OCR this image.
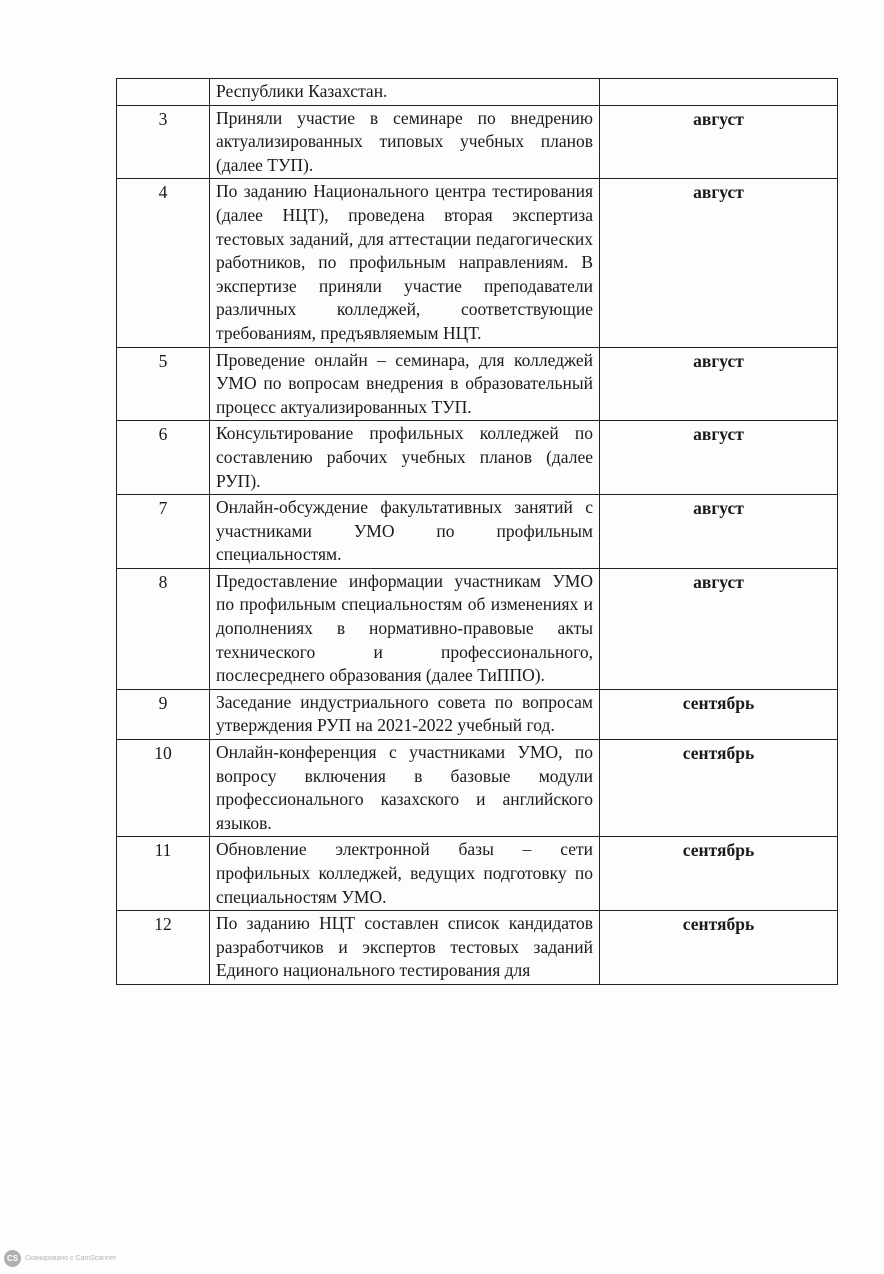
	Республики Казахстан.	
3	Приняли участие в семинаре по внедрению актуализированных типовых учебных планов (далее ТУП).	август
4	По заданию Национального центра тестирования (далее НЦТ), проведена вторая экспертиза тестовых заданий, для аттестации педагогических работников, по профильным направлениям. В экспертизе приняли участие преподаватели различных колледжей, соответствующие требованиям, предъявляемым НЦТ.	август
5	Проведение онлайн – семинара, для колледжей УМО по вопросам внедрения в образовательный процесс актуализированных ТУП.	август
6	Консультирование профильных колледжей по составлению рабочих учебных планов (далее РУП).	август
7	Онлайн-обсуждение факультативных занятий с участниками УМО по профильным специальностям.	август
8	Предоставление информации участникам УМО по профильным специальностям об изменениях и дополнениях в нормативно-правовые акты технического и профессионального, послесреднего образования (далее ТиППО).	август
9	Заседание индустриального совета по вопросам утверждения РУП на 2021-2022 учебный год.	сентябрь
10	Онлайн-конференция с участниками УМО, по вопросу включения в базовые модули профессионального казахского и английского языков.	сентябрь
11	Обновление электронной базы – сети профильных колледжей, ведущих подготовку по специальностям УМО.	сентябрь
12	По заданию НЦТ составлен список кандидатов разработчиков и экспертов тестовых заданий Единого национального тестирования для	сентябрь
CS Сканировано с CamScanner
